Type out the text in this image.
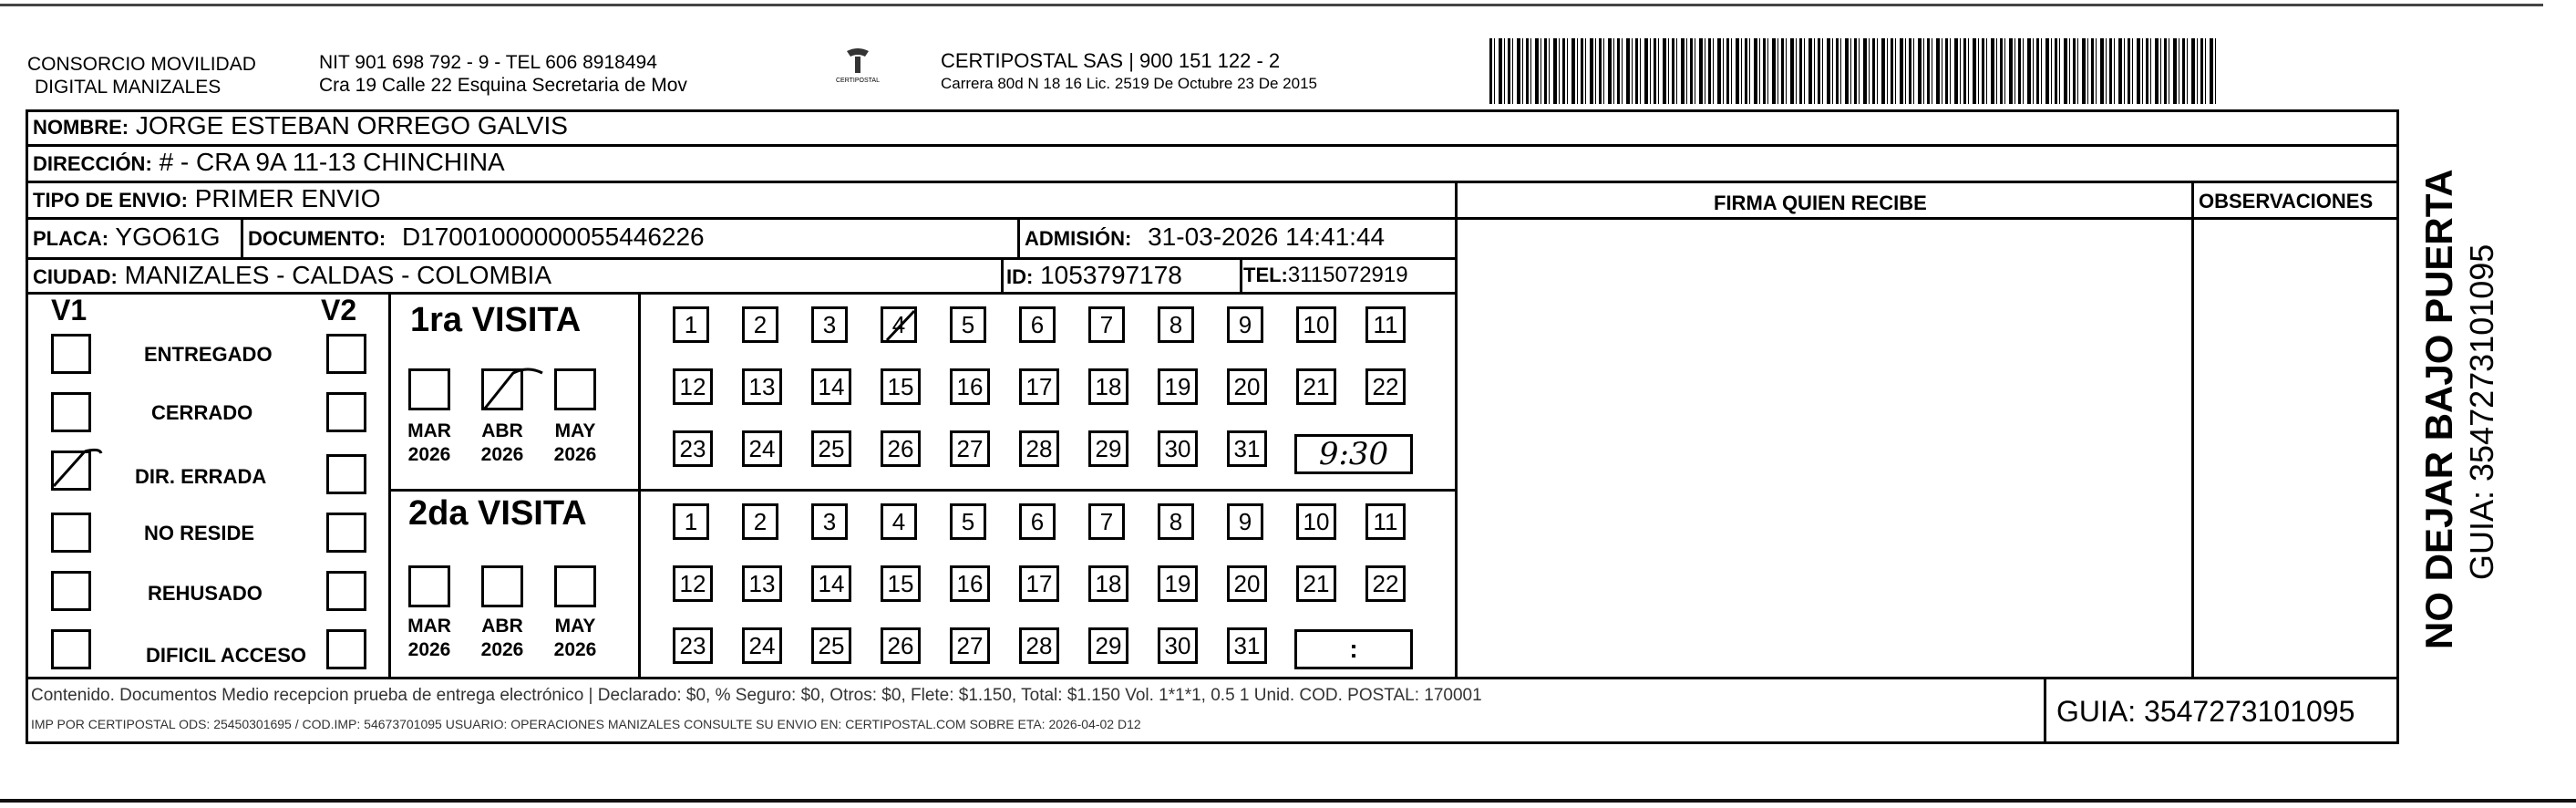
CONSORCIO MOVILIDAD
DIGITAL MANIZALES
NIT 901 698 792 - 9 - TEL 606 8918494
Cra 19 Calle 22 Esquina Secretaria de Mov	CERTIPOSTAL
CERTIPOSTAL SAS | 900 151 122 - 2
Carrera 80d N 18 16 Lic. 2519 De Octubre 23 De 2015
NOMBRE: JORGE ESTEBAN ORREGO GALVIS
DIRECCIÓN: # - CRA 9A 11-13 CHINCHINA
TIPO DE ENVIO: PRIMER ENVIO	FIRMA QUIEN RECIBE	OBSERVACIONES
PLACA: YGO61G DOCUMENTO: D17001000000055446226	ADMISIÓN: 31-03-2026 14:41:44
CIUDAD: MANIZALES - CALDAS - COLOMBIA	ID: 1053797178	TEL:3115072919
V1	V2
ENTREGADO
CERRADO
DIR. ERRADA
NO RESIDE
REHUSADO
DIFICIL ACCESO
1ra VISITA
MAR
2026
ABR
2026
MAY
2026
2da VISITA
MAR
2026
ABR
2026
MAY
2026
1	2	3	4	5	6	7	8	9	10	11
12 13 14 15 16 17 18 19 20 21 22
23 24 25 26 27 28 29 30 31
1	2	3	4	5	6	7	8	9	10	11
12 13 14 15 16 17 18 19 20 21 22
23 24 25 26 27 28 29 30 31
9:30
:
Contenido. Documentos Medio recepcion prueba de entrega electrónico | Declarado: $0, % Seguro: $0, Otros: $0, Flete: $1.150, Total: $1.150 Vol. 1*1*1, 0.5 1 Unid. COD. POSTAL: 170001
IMP POR CERTIPOSTAL ODS: 25450301695 / COD.IMP: 54673701095 USUARIO: OPERACIONES MANIZALES CONSULTE SU ENVIO EN: CERTIPOSTAL.COM SOBRE ETA: 2026-04-02 D12	GUIA: 3547273101095
NO DEJAR BAJO PUERTA GUIA: 3547273101095
